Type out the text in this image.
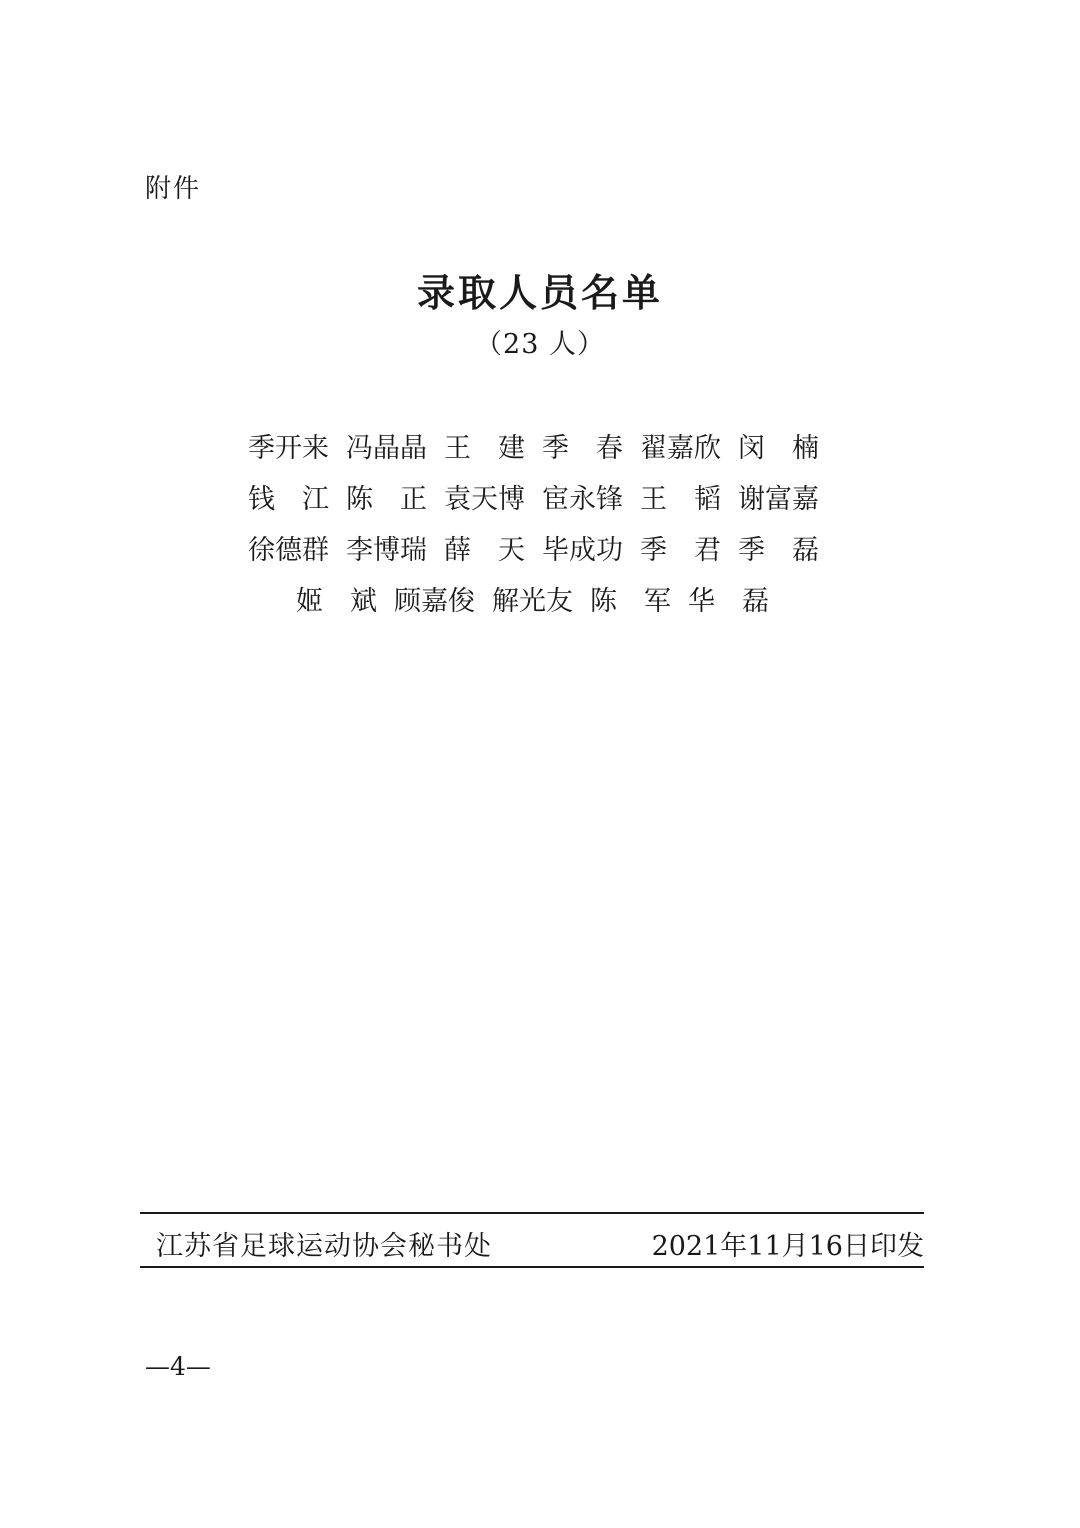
附件
录取人员名单
（23 人）
季开来 冯晶晶 王　建 季　春 翟嘉欣 闵　楠
钱　江 陈　正 袁天博 宦永锋 王　韬 谢富嘉
徐德群 李博瑞 薛　天 毕成功 季　君 季　磊
姬　斌 顾嘉俊 解光友 陈　军 华　磊
江苏省足球运动协会秘书处	2021年11月16日印发
—4—
